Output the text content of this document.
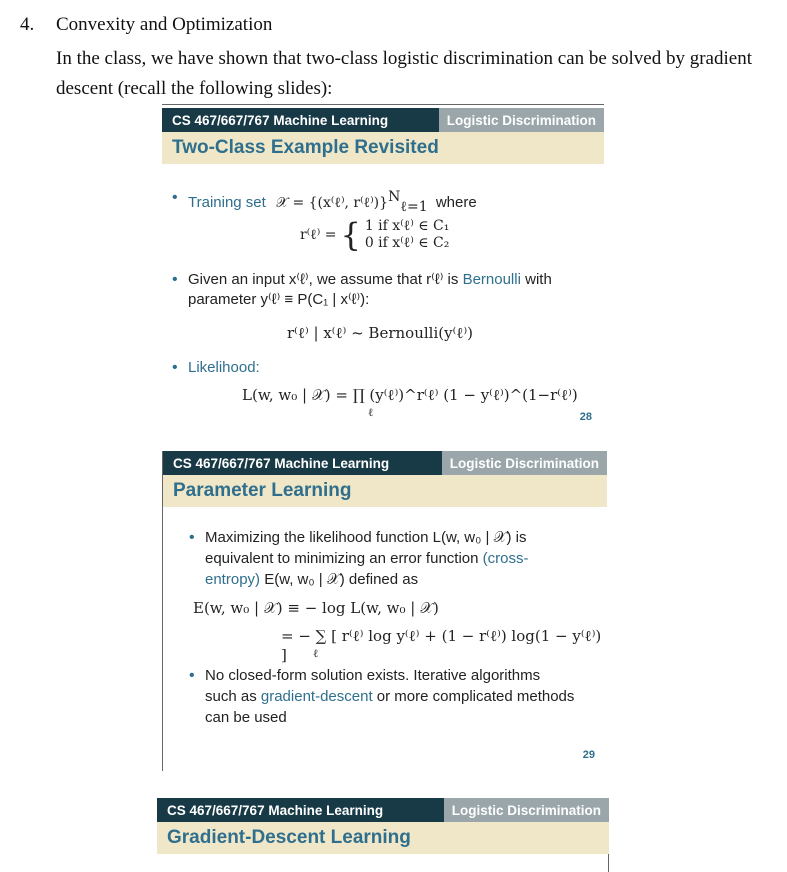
4. Convexity and Optimization
In the class, we have shown that two-class logistic discrimination can be solved by gradient descent (recall the following slides):
CS 467/667/767 Machine Learning	Logistic Discrimination
Two-Class Example Revisited
• Training set 𝒳 = {(x⁽ℓ⁾, r⁽ℓ⁾)}$^N_{\ell=1}$ where
r⁽ℓ⁾ = { 1 if x⁽ℓ⁾ ∈ C₁
0 if x⁽ℓ⁾ ∈ C₂
• Given an input x⁽ℓ⁾, we assume that r⁽ℓ⁾ is Bernoulli with parameter y⁽ℓ⁾ ≡ P(C₁ | x⁽ℓ⁾):
r⁽ℓ⁾ | x⁽ℓ⁾ ~ Bernoulli(y⁽ℓ⁾)
• Likelihood:
L(w, w₀ | 𝒳) = ∏ (y⁽ℓ⁾)^r⁽ℓ⁾ (1 − y⁽ℓ⁾)^(1−r⁽ℓ⁾)
ℓ	28
CS 467/667/767 Machine Learning	Logistic Discrimination
Parameter Learning
• Maximizing the likelihood function L(w, w₀ | 𝒳) is equivalent to minimizing an error function (cross-entropy) E(w, w₀ | 𝒳) defined as
E(w, w₀ | 𝒳) ≡ − log L(w, w₀ | 𝒳)
= − ∑ [ r⁽ℓ⁾ log y⁽ℓ⁾ + (1 − r⁽ℓ⁾) log(1 − y⁽ℓ⁾) ]	ℓ
• No closed-form solution exists. Iterative algorithms such as gradient-descent or more complicated methods can be used
29
CS 467/667/767 Machine Learning	Logistic Discrimination
Gradient-Descent Learning
